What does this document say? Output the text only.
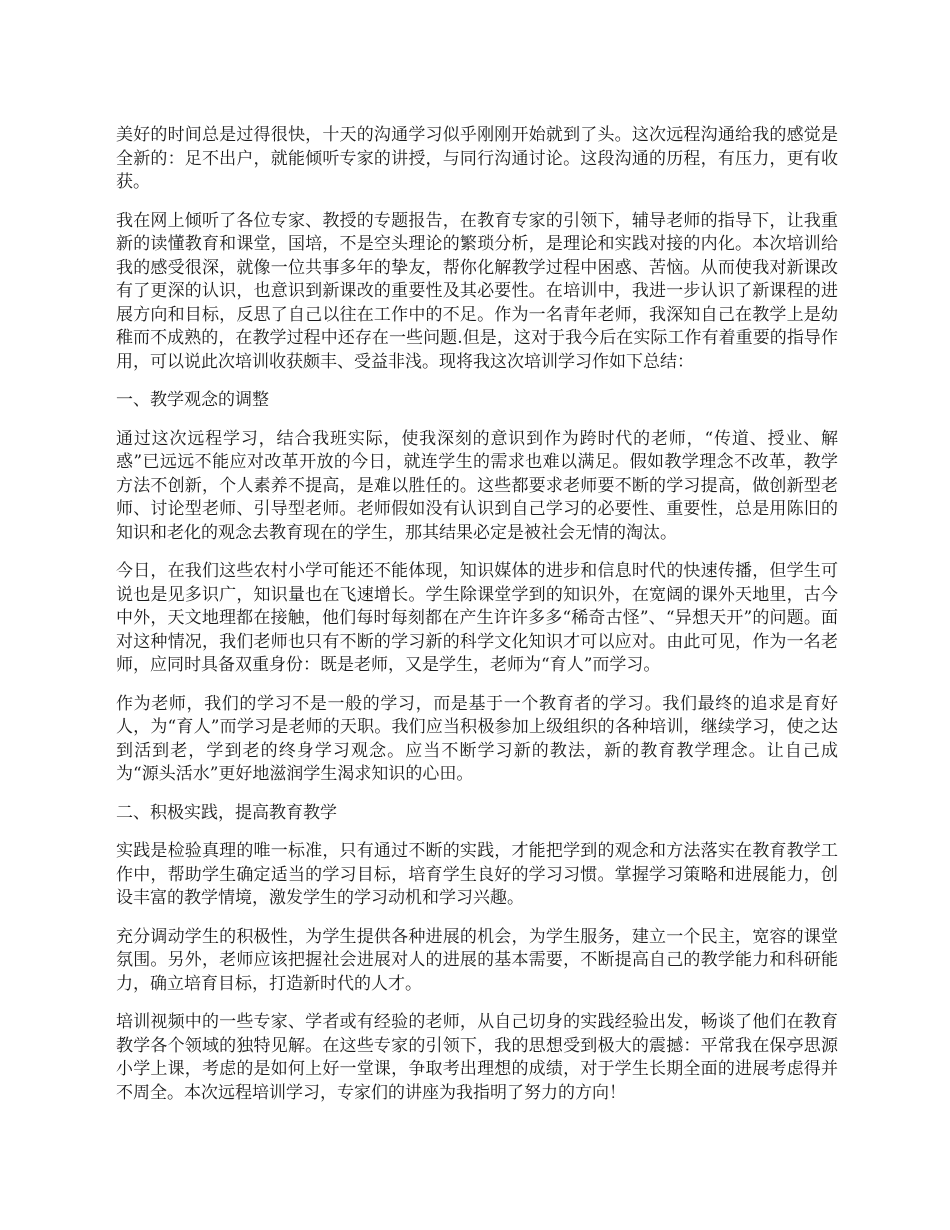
美好的时间总是过得很快，十天的沟通学习似乎刚刚开始就到了头。这次远程沟通给我的感觉是全新的：足不出户，就能倾听专家的讲授，与同行沟通讨论。这段沟通的历程，有压力，更有收获。

我在网上倾听了各位专家、教授的专题报告，在教育专家的引领下，辅导老师的指导下，让我重新的读懂教育和课堂，国培，不是空头理论的繁琐分析，是理论和实践对接的内化。本次培训给我的感受很深，就像一位共事多年的挚友，帮你化解教学过程中困惑、苦恼。从而使我对新课改有了更深的认识，也意识到新课改的重要性及其必要性。在培训中，我进一步认识了新课程的进展方向和目标，反思了自己以往在工作中的不足。作为一名青年老师，我深知自己在教学上是幼稚而不成熟的，在教学过程中还存在一些问题.但是，这对于我今后在实际工作有着重要的指导作用，可以说此次培训收获颇丰、受益非浅。现将我这次培训学习作如下总结：

一、教学观念的调整

通过这次远程学习，结合我班实际，使我深刻的意识到作为跨时代的老师，“传道、授业、解惑”已远远不能应对改革开放的今日，就连学生的需求也难以满足。假如教学理念不改革，教学方法不创新，个人素养不提高，是难以胜任的。这些都要求老师要不断的学习提高，做创新型老师、讨论型老师、引导型老师。老师假如没有认识到自己学习的必要性、重要性，总是用陈旧的知识和老化的观念去教育现在的学生，那其结果必定是被社会无情的淘汰。

今日，在我们这些农村小学可能还不能体现，知识媒体的进步和信息时代的快速传播，但学生可说也是见多识广，知识量也在飞速增长。学生除课堂学到的知识外，在宽阔的课外天地里，古今中外，天文地理都在接触，他们每时每刻都在产生许许多多“稀奇古怪”、“异想天开”的问题。面对这种情况，我们老师也只有不断的学习新的科学文化知识才可以应对。由此可见，作为一名老师，应同时具备双重身份：既是老师，又是学生，老师为“育人”而学习。

作为老师，我们的学习不是一般的学习，而是基于一个教育者的学习。我们最终的追求是育好人，为“育人”而学习是老师的天职。我们应当积极参加上级组织的各种培训，继续学习，使之达到活到老，学到老的终身学习观念。应当不断学习新的教法，新的教育教学理念。让自己成为“源头活水”更好地滋润学生渴求知识的心田。

二、积极实践，提高教育教学

实践是检验真理的唯一标准，只有通过不断的实践，才能把学到的观念和方法落实在教育教学工作中，帮助学生确定适当的学习目标，培育学生良好的学习习惯。掌握学习策略和进展能力，创设丰富的教学情境，激发学生的学习动机和学习兴趣。

充分调动学生的积极性，为学生提供各种进展的机会，为学生服务，建立一个民主，宽容的课堂氛围。另外，老师应该把握社会进展对人的进展的基本需要，不断提高自己的教学能力和科研能力，确立培育目标，打造新时代的人才。

培训视频中的一些专家、学者或有经验的老师，从自己切身的实践经验出发，畅谈了他们在教育教学各个领域的独特见解。在这些专家的引领下，我的思想受到极大的震撼：平常我在保亭思源小学上课，考虑的是如何上好一堂课，争取考出理想的成绩，对于学生长期全面的进展考虑得并不周全。本次远程培训学习，专家们的讲座为我指明了努力的方向！
